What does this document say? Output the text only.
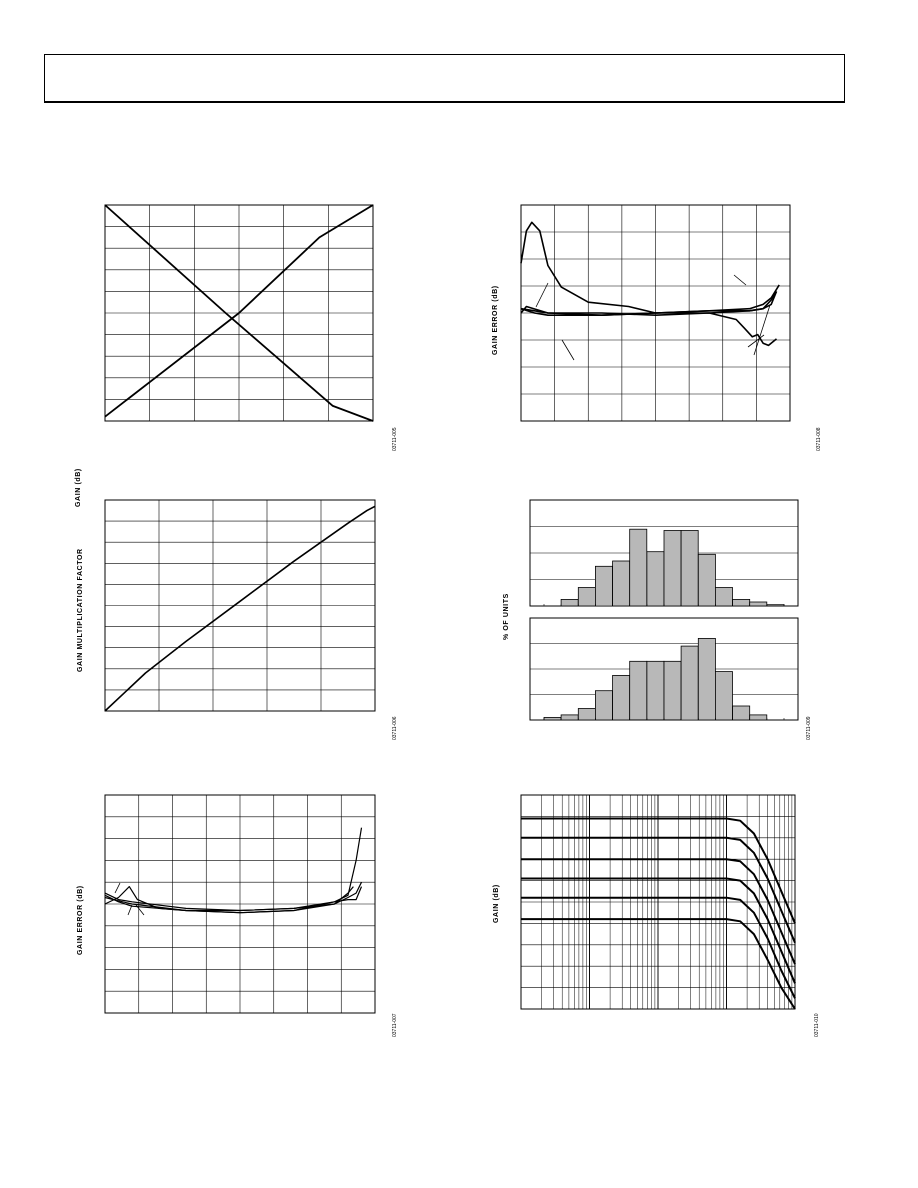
GAIN (dB)
03711-005
GAIN ERROR (dB)
03711-008
GAIN MULTIPLICATION FACTOR
03711-006
% OF UNITS
03711-009
GAIN ERROR (dB)
03711-007
GAIN (dB)
03711-010
